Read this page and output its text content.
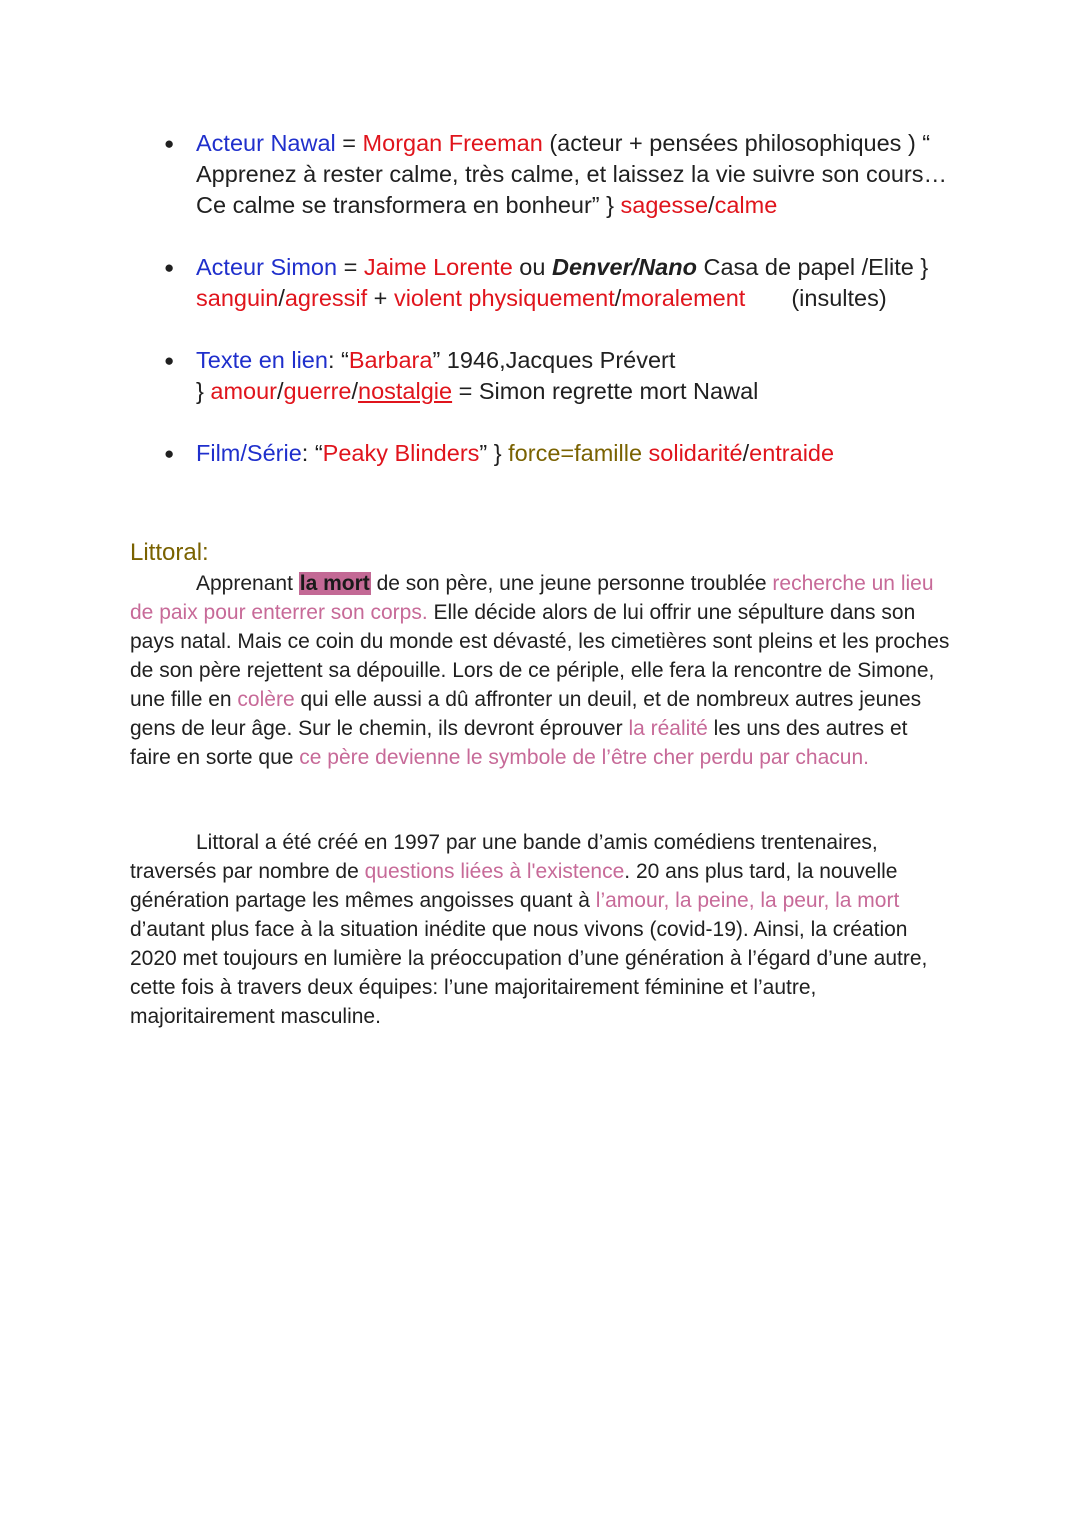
● Acteur Nawal = Morgan Freeman (acteur + pensées philosophiques ) “ Apprenez à rester calme, très calme, et laissez la vie suivre son cours… Ce calme se transformera en bonheur” } sagesse/calme
● Acteur Simon = Jaime Lorente ou Denver/Nano Casa de papel /Elite }
sanguin/agressif + violent physiquement/moralement (insultes)
● Texte en lien: “Barbara” 1946,Jacques Prévert
} amour/guerre/nostalgie = Simon regrette mort Nawal
● Film/Série: “Peaky Blinders” } force=famille solidarité/entraide
Littoral:

Apprenant la mort de son père, une jeune personne troublée recherche un lieu de paix pour enterrer son corps. Elle décide alors de lui offrir une sépulture dans son pays natal. Mais ce coin du monde est dévasté, les cimetières sont pleins et les proches de son père rejettent sa dépouille. Lors de ce périple, elle fera la rencontre de Simone, une fille en colère qui elle aussi a dû affronter un deuil, et de nombreux autres jeunes gens de leur âge. Sur le chemin, ils devront éprouver la réalité les uns des autres et faire en sorte que ce père devienne le symbole de l’être cher perdu par chacun.

Littoral a été créé en 1997 par une bande d’amis comédiens trentenaires, traversés par nombre de questions liées à l'existence. 20 ans plus tard, la nouvelle génération partage les mêmes angoisses quant à l’amour, la peine, la peur, la mort d’autant plus face à la situation inédite que nous vivons (covid-19). Ainsi, la création 2020 met toujours en lumière la préoccupation d’une génération à l’égard d’une autre, cette fois à travers deux équipes: l’une majoritairement féminine et l’autre, majoritairement masculine.
